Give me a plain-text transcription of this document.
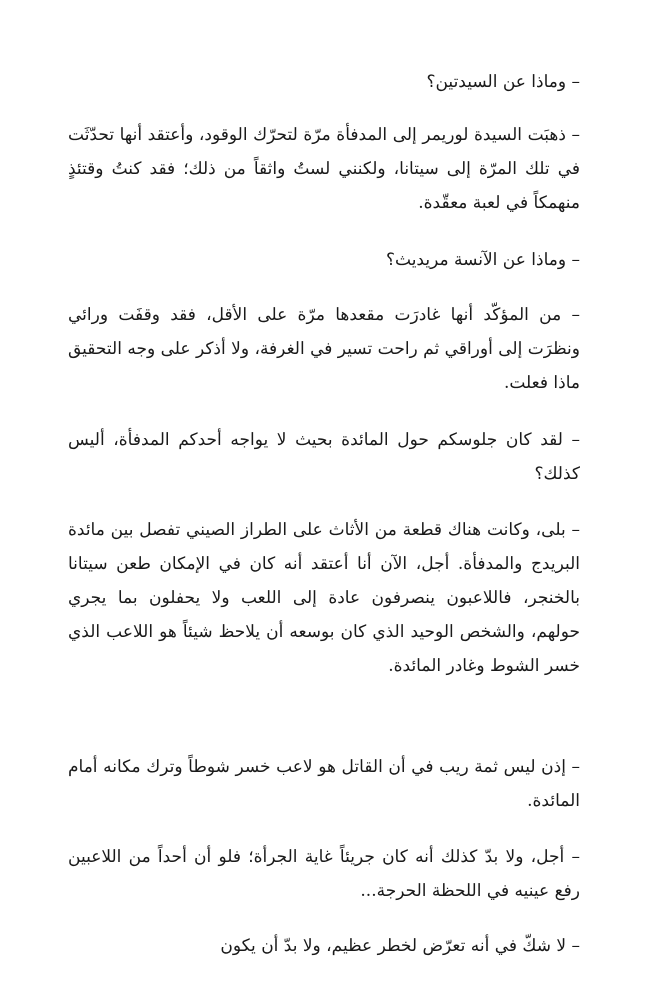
– وماذا عن السيدتين؟

– ذهبَت السيدة لوريمر إلى المدفأة مرّة لتحرّك الوقود، وأعتقد أنها تحدّثَت في تلك المرّة إلى سيتانا، ولكنني لستُ واثقاً من ذلك؛ فقد كنتُ وقتئذٍ منهمكاً في لعبة معقّدة.

– وماذا عن الآنسة مريديث؟

– من المؤكّد أنها غادرَت مقعدها مرّة على الأقل، فقد وقفَت ورائي ونظرَت إلى أوراقي ثم راحت تسير في الغرفة، ولا أذكر على وجه التحقيق ماذا فعلت.

– لقد كان جلوسكم حول المائدة بحيث لا يواجه أحدكم المدفأة، أليس كذلك؟

– بلى، وكانت هناك قطعة من الأثاث على الطراز الصيني تفصل بين مائدة البريدج والمدفأة. أجل، الآن أنا أعتقد أنه كان في الإمكان طعن سيتانا بالخنجر، فاللاعبون ينصرفون عادة إلى اللعب ولا يحفلون بما يجري حولهم، والشخص الوحيد الذي كان بوسعه أن يلاحظ شيئاً هو اللاعب الذي خسر الشوط وغادر المائدة.

– إذن ليس ثمة ريب في أن القاتل هو لاعب خسر شوطاً وترك مكانه أمام المائدة.

– أجل، ولا بدّ كذلك أنه كان جريئاً غاية الجرأة؛ فلو أن أحداً من اللاعبين رفع عينيه في اللحظة الحرجة...

– لا شكّ في أنه تعرّض لخطر عظيم، ولا بدّ أن يكون
